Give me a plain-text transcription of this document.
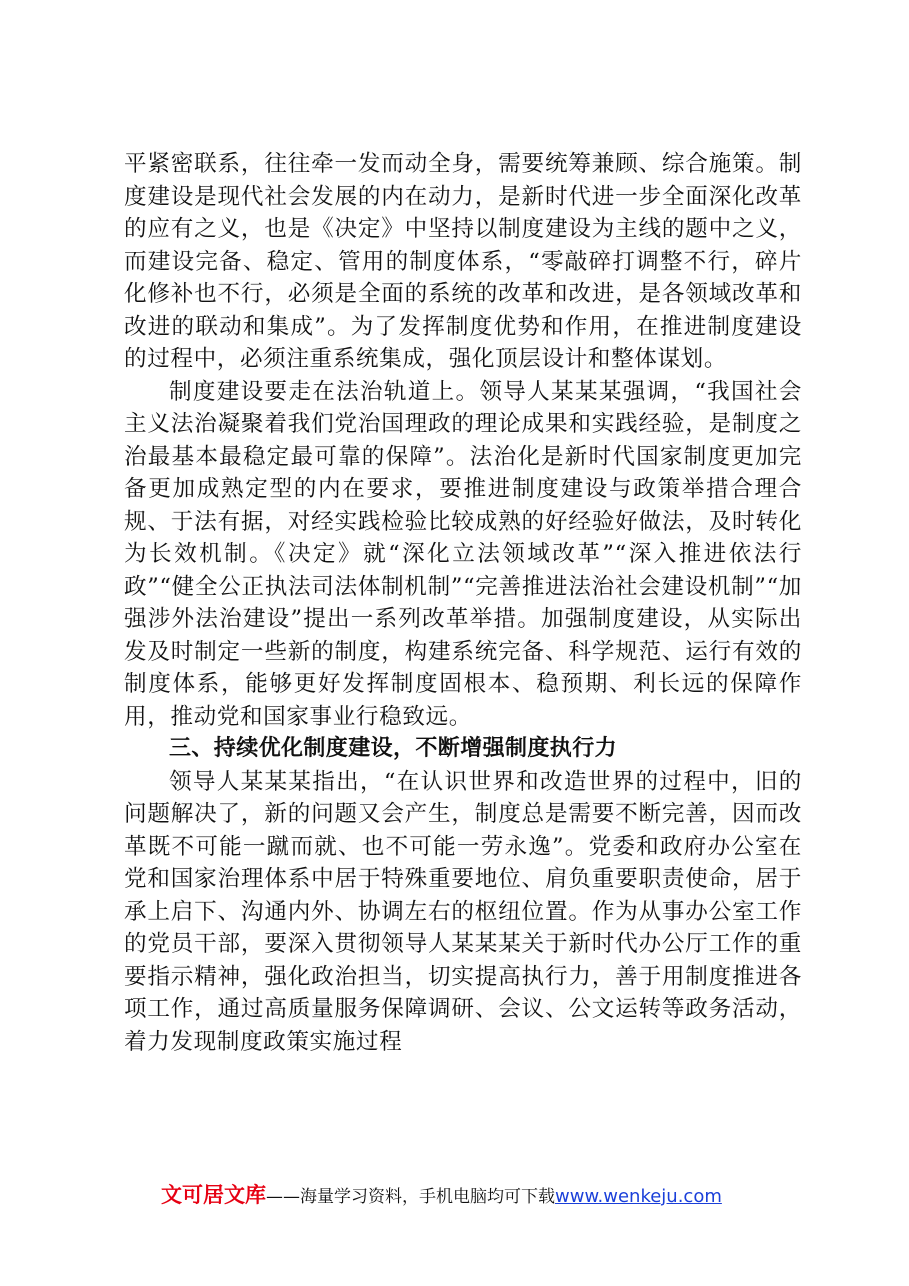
平紧密联系，往往牵一发而动全身，需要统筹兼顾、综合施策。制度建设是现代社会发展的内在动力，是新时代进一步全面深化改革的应有之义，也是《决定》中坚持以制度建设为主线的题中之义，而建设完备、稳定、管用的制度体系，“零敲碎打调整不行，碎片化修补也不行，必须是全面的系统的改革和改进，是各领域改革和改进的联动和集成”。为了发挥制度优势和作用，在推进制度建设的过程中，必须注重系统集成，强化顶层设计和整体谋划。

制度建设要走在法治轨道上。领导人某某某强调，“我国社会主义法治凝聚着我们党治国理政的理论成果和实践经验，是制度之治最基本最稳定最可靠的保障”。法治化是新时代国家制度更加完备更加成熟定型的内在要求，要推进制度建设与政策举措合理合规、于法有据，对经实践检验比较成熟的好经验好做法，及时转化为长效机制。《决定》就“深化立法领域改革”“深入推进依法行政”“健全公正执法司法体制机制”“完善推进法治社会建设机制”“加强涉外法治建设”提出一系列改革举措。加强制度建设，从实际出发及时制定一些新的制度，构建系统完备、科学规范、运行有效的制度体系，能够更好发挥制度固根本、稳预期、利长远的保障作用，推动党和国家事业行稳致远。

三、持续优化制度建设，不断增强制度执行力

领导人某某某指出，“在认识世界和改造世界的过程中，旧的问题解决了，新的问题又会产生，制度总是需要不断完善，因而改革既不可能一蹴而就、也不可能一劳永逸”。党委和政府办公室在党和国家治理体系中居于特殊重要地位、肩负重要职责使命，居于承上启下、沟通内外、协调左右的枢纽位置。作为从事办公室工作的党员干部，要深入贯彻领导人某某某关于新时代办公厅工作的重要指示精神，强化政治担当，切实提高执行力，善于用制度推进各项工作，通过高质量服务保障调研、会议、公文运转等政务活动，着力发现制度政策实施过程

文可居文库——海量学习资料，手机电脑均可下载www.wenkeju.com
